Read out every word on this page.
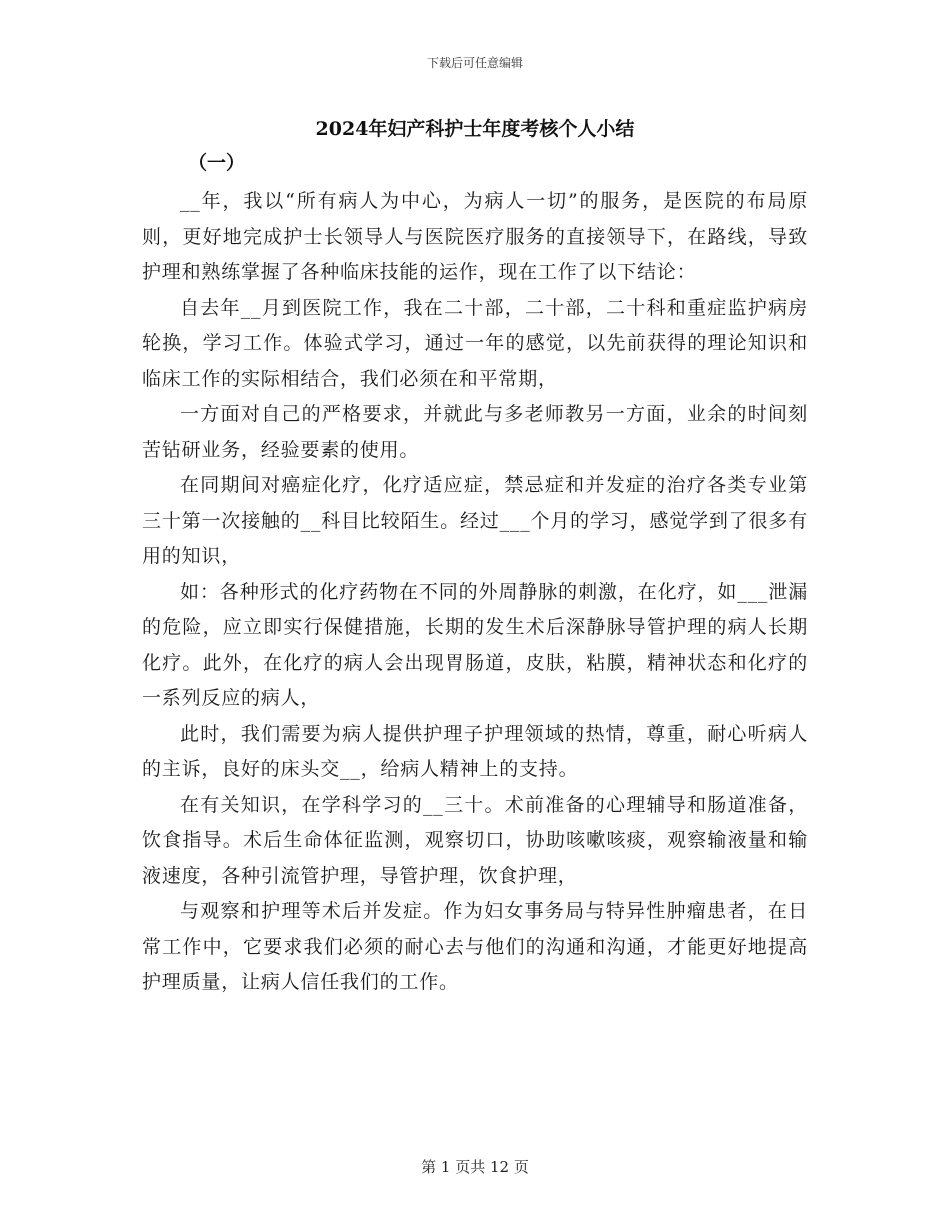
下载后可任意编辑
2024年妇产科护士年度考核个人小结
（一）

__年，我以“所有病人为中心，为病人一切”的服务，是医院的布局原则，更好地完成护士长领导人与医院医疗服务的直接领导下，在路线，导致护理和熟练掌握了各种临床技能的运作，现在工作了以下结论：

自去年__月到医院工作，我在二十部，二十部，二十科和重症监护病房轮换，学习工作。体验式学习，通过一年的感觉，以先前获得的理论知识和临床工作的实际相结合，我们必须在和平常期，

一方面对自己的严格要求，并就此与多老师教另一方面，业余的时间刻苦钻研业务，经验要素的使用。

在同期间对癌症化疗，化疗适应症，禁忌症和并发症的治疗各类专业第三十第一次接触的__科目比较陌生。经过___个月的学习，感觉学到了很多有用的知识，

如：各种形式的化疗药物在不同的外周静脉的刺激，在化疗，如___泄漏的危险，应立即实行保健措施，长期的发生术后深静脉导管护理的病人长期化疗。此外，在化疗的病人会出现胃肠道，皮肤，粘膜，精神状态和化疗的一系列反应的病人，

此时，我们需要为病人提供护理子护理领域的热情，尊重，耐心听病人的主诉，良好的床头交__，给病人精神上的支持。

在有关知识，在学科学习的__三十。术前准备的心理辅导和肠道准备，饮食指导。术后生命体征监测，观察切口，协助咳嗽咳痰，观察输液量和输液速度，各种引流管护理，导管护理，饮食护理，

与观察和护理等术后并发症。作为妇女事务局与特异性肿瘤患者，在日常工作中，它要求我们必须的耐心去与他们的沟通和沟通，才能更好地提高护理质量，让病人信任我们的工作。

第 1 页共 12 页
